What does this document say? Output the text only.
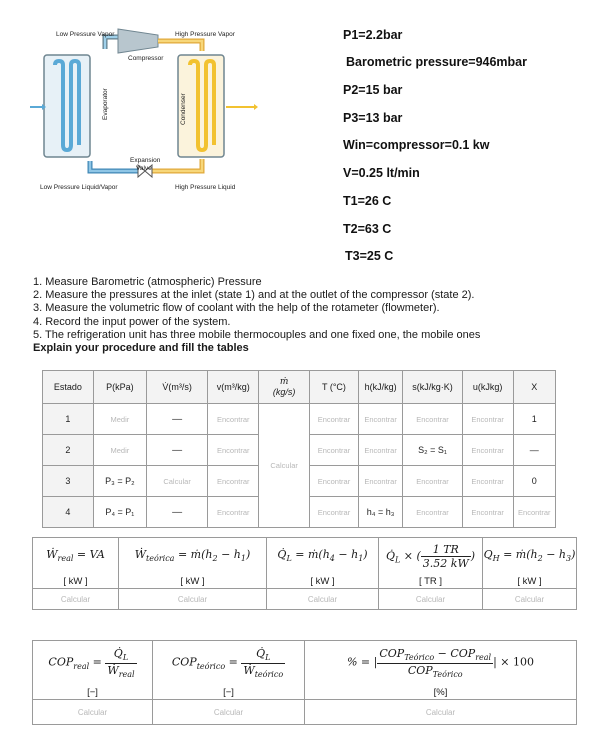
Low Pressure Vapor	High Pressure Vapor
Compressor
Evaporator	Condenser
Expansion
Valve
Low Pressure Liquid/Vapor	High Pressure Liquid
P1=2.2bar
Barometric pressure=946mbar
P2=15 bar
P3=13 bar
Win=compressor=0.1 kw
V=0.25 lt/min
T1=26 C
T2=63 C
T3=25 C
1. Measure Barometric (atmospheric) Pressure
2. Measure the pressures at the inlet (state 1) and at the outlet of the compressor (state 2).
3. Measure the volumetric flow of coolant with the help of the rotameter (flowmeter).
4. Record the input power of the system.
5. The refrigeration unit has three mobile thermocouples and one fixed one, the mobile ones
Explain your procedure and fill the tables
Estado	P(kPa)	V̇(m³/s)	v(m³/kg)	ṁ
(kg/s)	T (°C)	h(kJ/kg)	s(kJ/kg·K)	u(kJkg)	X
1	Medir	—	Encontrar	Calcular	Encontrar	Encontrar	Encontrar	Encontrar	1
2	Medir	—	Encontrar		Encontrar	Encontrar	S₂ = S₁	Encontrar	—
3	P₃ = P₂	Calcular	Encontrar		Encontrar	Encontrar	Encontrar	Encontrar	0
4	P₄ = P₁	—	Encontrar		Encontrar	h₄ = h₃	Encontrar	Encontrar	Encontrar
Ẇ$_{real}$ = VA	Ẇ$_{teórica}$ = $ṁ(h_2 - h_1)$	$Q̇_L$ = $ṁ(h_4 - h_1)$	$Q̇_L$ × ( $\frac{1 TR}{3.52 kW}$ )	$Q_H$ = $ṁ(h_2 - h_3)$
[ kW ]	[ kW ]	[ kW ]	[ TR ]	[ kW ]
Calcular	Calcular	Calcular	Calcular	Calcular
$COP_{real} = \frac{Q̇_L}{Ẇ_{real}}$	$COP_{teórico} = \frac{Q̇_L}{Ẇ_{teórico}}$	% = | $\frac{COP_{Teórico} - COP_{real}}{COP_{Teórico}}$ | × 100
[−]	[−]	[%]
Calcular	Calcular	Calcular
